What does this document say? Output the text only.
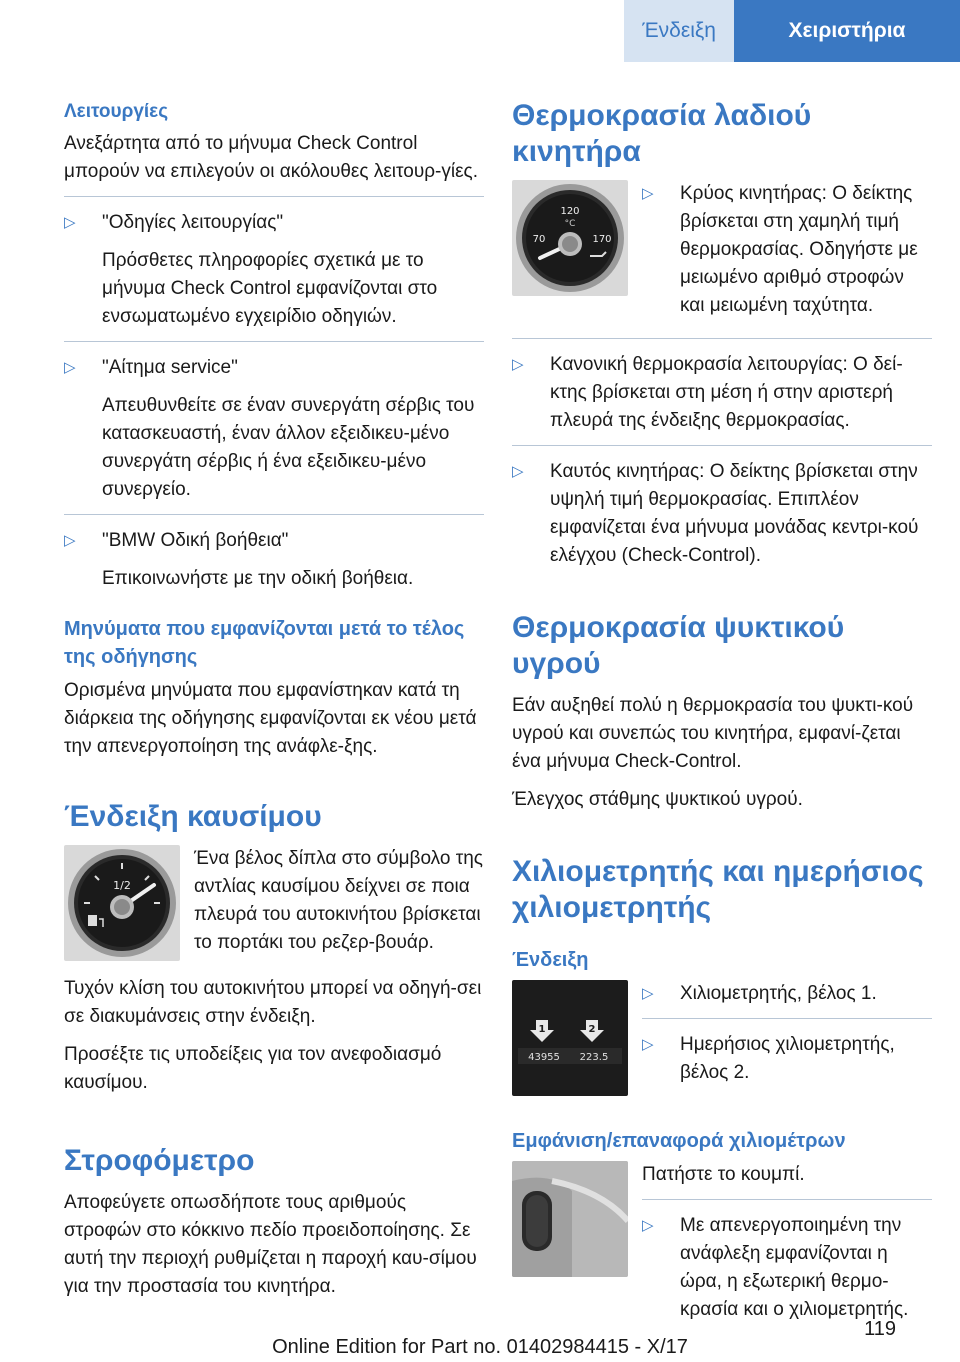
Ένδειξη	Χειριστήρια
Λειτουργίες

Ανεξάρτητα από το μήνυμα Check Control μπορούν να επιλεγούν οι ακόλουθες λειτουρ‐γίες.

▷ "Οδηγίες λειτουργίας"

Πρόσθετες πληροφορίες σχετικά με το μήνυμα Check Control εμφανίζονται στο ενσωματωμένο εγχειρίδιο οδηγιών.

▷ "Αίτημα service"

Απευθυνθείτε σε έναν συνεργάτη σέρβις του κατασκευαστή, έναν άλλον εξειδικευ‐μένο συνεργάτη σέρβις ή ένα εξειδικευ‐μένο συνεργείο.

▷ "BMW Οδική βοήθεια"

Επικοινωνήστε με την οδική βοήθεια.

Μηνύματα που εμφανίζονται μετά το τέλος της οδήγησης

Ορισμένα μηνύματα που εμφανίστηκαν κατά τη διάρκεια της οδήγησης εμφανίζονται εκ νέου μετά την απενεργοποίηση της ανάφλε‐ξης.

Ένδειξη καυσίμου
1/2

Ένα βέλος δίπλα στο σύμβολο της αντλίας καυσίμου δείχνει σε ποια πλευρά του αυτοκινήτου βρίσκεται το πορτάκι του ρεζερ‐βουάρ.

Τυχόν κλίση του αυτοκινήτου μπορεί να οδηγή‐σει σε διακυμάνσεις στην ένδειξη.

Προσέξτε τις υποδείξεις για τον ανεφοδιασμό καυσίμου.

Στροφόμετρο

Αποφεύγετε οπωσδήποτε τους αριθμούς στροφών στο κόκκινο πεδίο προειδοποίησης. Σε αυτή την περιοχή ρυθμίζεται η παροχή καυ‐σίμου για την προστασία του κινητήρα.

Θερμοκρασία λαδιού κινητήρα
120
70	170
°C
▷ Κρύος κινητήρας: Ο δείκτης βρίσκεται στη χαμηλή τιμή θερμοκρασίας. Οδηγήστε με μειωμένο αριθμό στροφών και μειωμένη ταχύτητα.

▷ Κανονική θερμοκρασία λειτουργίας: Ο δεί‐κτης βρίσκεται στη μέση ή στην αριστερή πλευρά της ένδειξης θερμοκρασίας.

▷ Καυτός κινητήρας: Ο δείκτης βρίσκεται στην υψηλή τιμή θερμοκρασίας. Επιπλέον εμφανίζεται ένα μήνυμα μονάδας κεντρι‐κού ελέγχου (Check-Control).

Θερμοκρασία ψυκτικού υγρού

Εάν αυξηθεί πολύ η θερμοκρασία του ψυκτι‐κού υγρού και συνεπώς του κινητήρα, εμφανί‐ζεται ένα μήνυμα Check-Control.

Έλεγχος στάθμης ψυκτικού υγρού.

Χιλιομετρητής και ημερήσιος χιλιομετρητής
Ένδειξη
1	2
43955 223.5
▷ Χιλιομετρητής, βέλος 1.

▷ Ημερήσιος χιλιομετρητής, βέλος 2.

Εμφάνιση/επαναφορά χιλιομέτρων

Πατήστε το κουμπί.

▷ Με απενεργοποιημένη την ανάφλεξη εμφανίζονται η ώρα, η εξωτερική θερμο‐κρασία και ο χιλιομετρητής.

119
Online Edition for Part no. 01402984415 - X/17
